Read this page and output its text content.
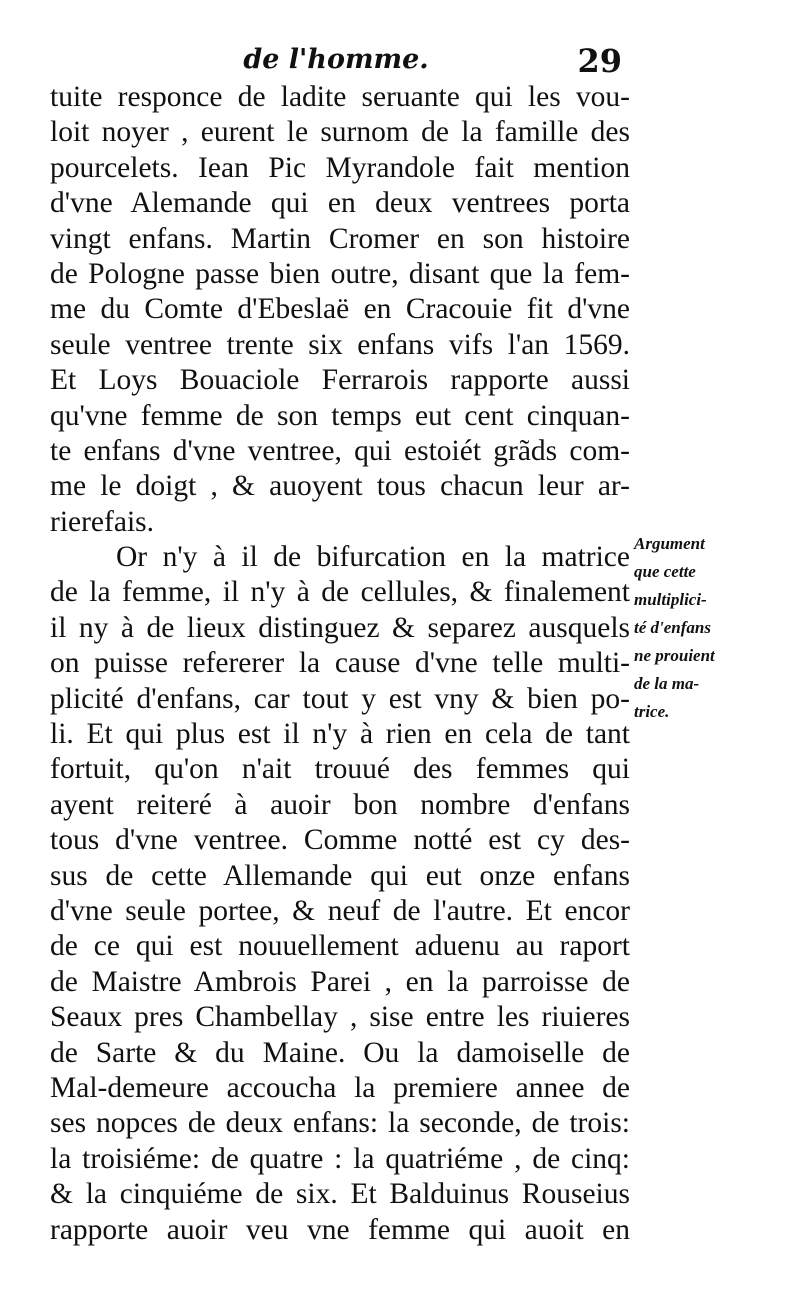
de l'homme.	29
tuite responce de ladite seruante qui les vou-
loit noyer , eurent le surnom de la famille des
pourcelets. Iean Pic Myrandole fait mention
d'vne Alemande qui en deux ventrees porta
vingt enfans. Martin Cromer en son histoire
de Pologne passe bien outre, disant que la fem-
me du Comte d'Ebeslaë en Cracouie fit d'vne
seule ventree trente six enfans vifs l'an 1569.
Et Loys Bouaciole Ferrarois rapporte aussi
qu'vne femme de son temps eut cent cinquan-
te enfans d'vne ventree, qui estoiét grãds com-
me le doigt , & auoyent tous chacun leur ar-
rierefais.
Or n'y à il de bifurcation en la matrice
de la femme, il n'y à de cellules, & finalement
il ny à de lieux distinguez & separez ausquels
on puisse refererer la cause d'vne telle multi-
plicité d'enfans, car tout y est vny & bien po-
li. Et qui plus est il n'y à rien en cela de tant
fortuit, qu'on n'ait trouué des femmes qui
ayent reiteré à auoir bon nombre d'enfans
tous d'vne ventree. Comme notté est cy des-
sus de cette Allemande qui eut onze enfans
d'vne seule portee, & neuf de l'autre. Et encor
de ce qui est nouuellement aduenu au raport
de Maistre Ambrois Parei , en la parroisse de
Seaux pres Chambellay , sise entre les riuieres
de Sarte & du Maine. Ou la damoiselle de
Mal-demeure accoucha la premiere annee de
ses nopces de deux enfans: la seconde, de trois:
la troisiéme: de quatre : la quatriéme , de cinq:
& la cinquiéme de six. Et Balduinus Rouseius
rapporte auoir veu vne femme qui auoit en
Argument
que cette
multiplici-
té d'enfans
ne prouient
de la ma-
trice.
